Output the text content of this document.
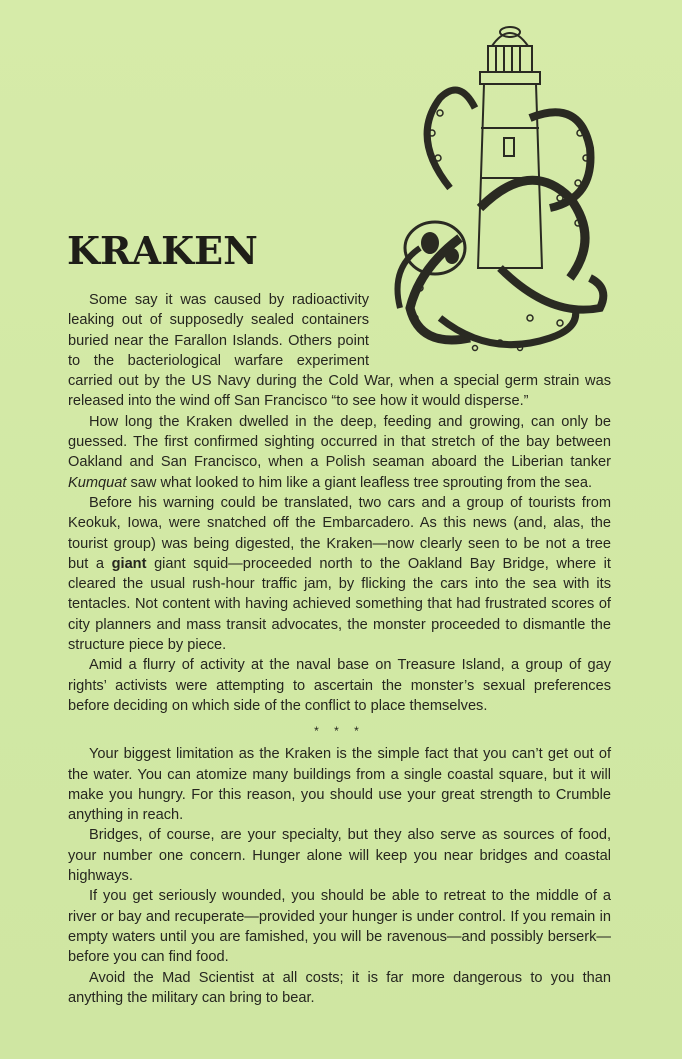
KRAKEN

Some say it was caused by radioactivity leaking out of supposedly sealed containers buried near the Farallon Islands. Others point to the bacteriological warfare experiment carried out by the US Navy during the Cold War, when a special germ strain was released into the wind off San Francisco “to see how it would disperse.”

How long the Kraken dwelled in the deep, feeding and growing, can only be guessed. The first confirmed sighting occurred in that stretch of the bay between Oakland and San Francisco, when a Polish seaman aboard the Liberian tanker Kumquat saw what looked to him like a giant leafless tree sprouting from the sea.

Before his warning could be translated, two cars and a group of tourists from Keokuk, Iowa, were snatched off the Embarcadero. As this news (and, alas, the tourist group) was being digested, the Kraken—now clearly seen to be not a tree but a giant giant squid—proceeded north to the Oakland Bay Bridge, where it cleared the usual rush-hour traffic jam, by flicking the cars into the sea with its tentacles. Not content with having achieved something that had frustrated scores of city planners and mass transit advocates, the monster proceeded to dismantle the structure piece by piece.

Amid a flurry of activity at the naval base on Treasure Island, a group of gay rights’ activists were attempting to ascertain the monster’s sexual preferences before deciding on which side of the conflict to place themselves.

* * *

Your biggest limitation as the Kraken is the simple fact that you can’t get out of the water. You can atomize many buildings from a single coastal square, but it will make you hungry. For this reason, you should use your great strength to Crumble anything in reach.

Bridges, of course, are your specialty, but they also serve as sources of food, your number one concern. Hunger alone will keep you near bridges and coastal highways.

If you get seriously wounded, you should be able to retreat to the middle of a river or bay and recuperate—provided your hunger is under control. If you remain in empty waters until you are famished, you will be ravenous—and possibly berserk—before you can find food.

Avoid the Mad Scientist at all costs; it is far more dangerous to you than anything the military can bring to bear.
